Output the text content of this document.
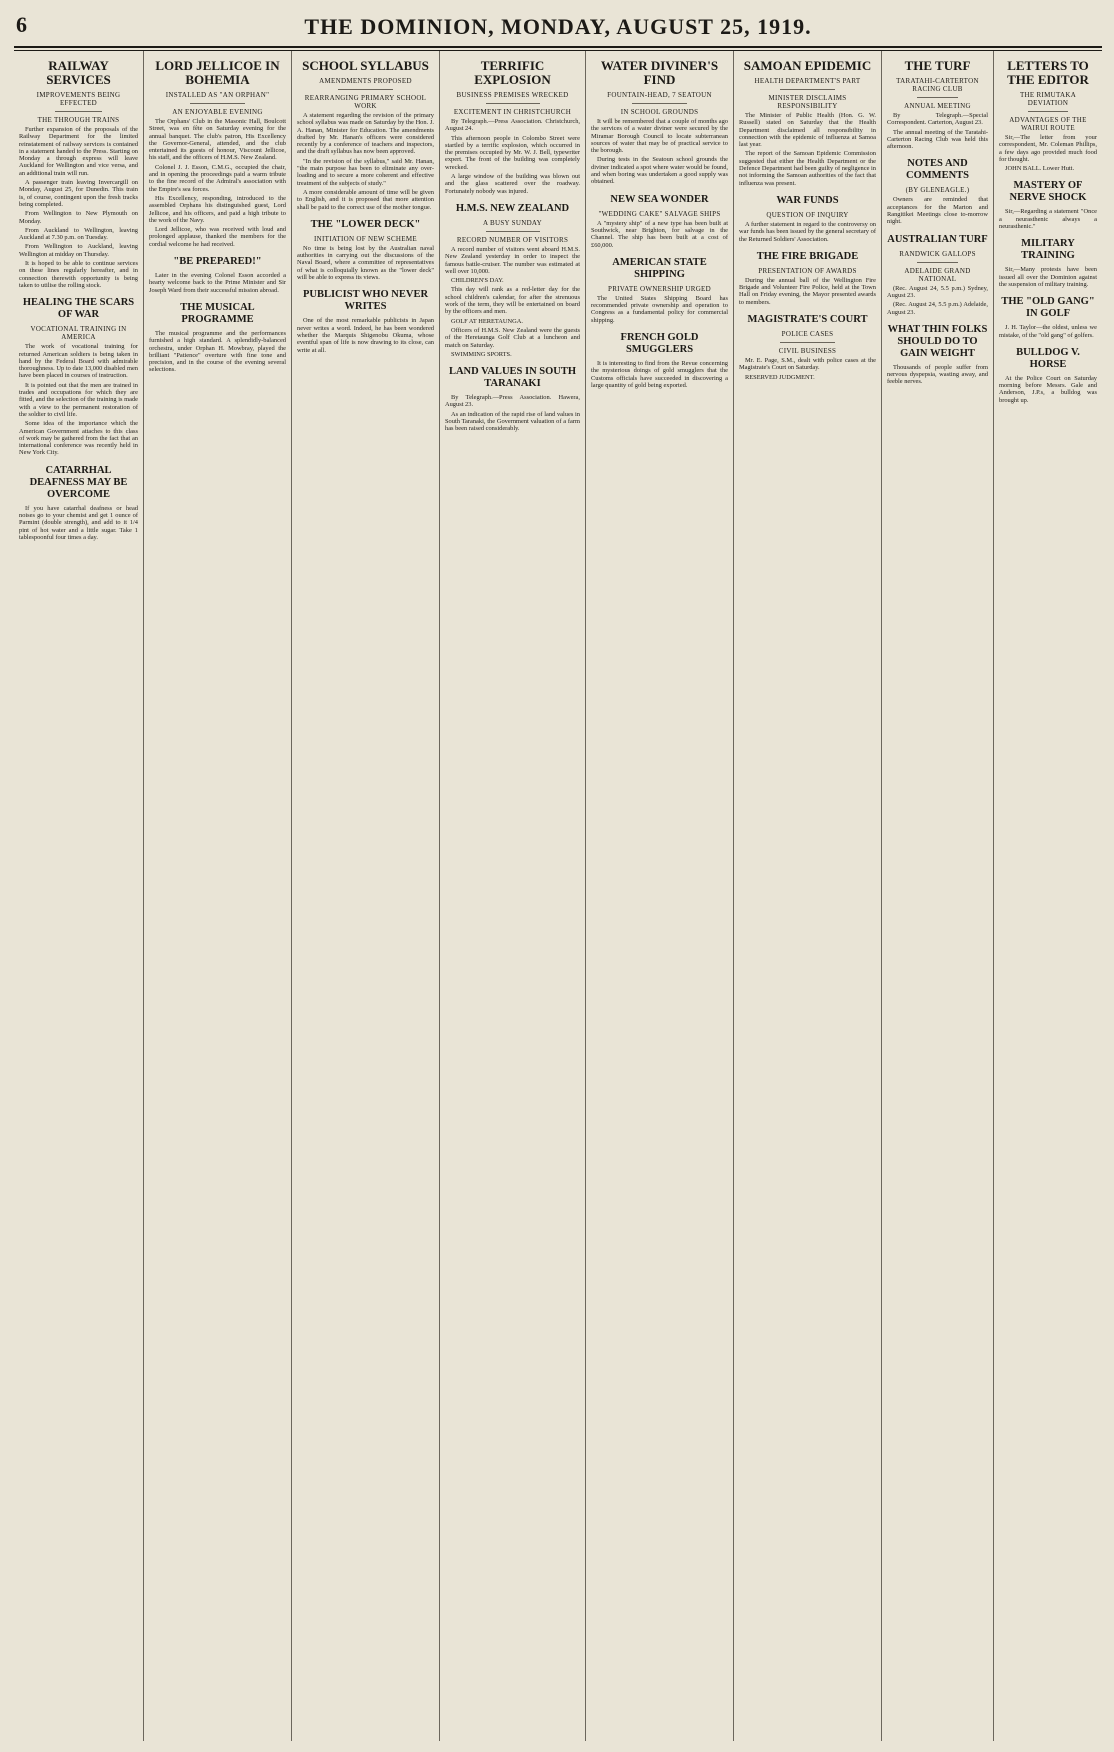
6	THE DOMINION, MONDAY, AUGUST 25, 1919.
RAILWAY SERVICES
IMPROVEMENTS BEING EFFECTED
THE THROUGH TRAINS

Further expansion of the proposals of the Railway Department for the limited reinstatement of railway services is contained in a statement handed to the Press. Starting on Monday a through express will leave Auckland for Wellington and vice versa, and an additional train will run.

A passenger train leaving Invercargill on Monday, August 25, for Dunedin. This train is, of course, contingent upon the fresh tracks being completed.

From Wellington to New Plymouth on Monday.

From Auckland to Wellington, leaving Auckland at 7.30 p.m. on Tuesday.

From Wellington to Auckland, leaving Wellington at midday on Thursday.

It is hoped to be able to continue services on these lines regularly hereafter, and in connection therewith opportunity is being taken to utilise the rolling stock.

HEALING THE SCARS OF WAR
VOCATIONAL TRAINING IN AMERICA

The work of vocational training for returned American soldiers is being taken in hand by the Federal Board with admirable thoroughness. Up to date 13,000 disabled men have been placed in courses of instruction.

It is pointed out that the men are trained in trades and occupations for which they are fitted, and the selection of the training is made with a view to the permanent restoration of the soldier to civil life.

Some idea of the importance which the American Government attaches to this class of work may be gathered from the fact that an international conference was recently held in New York City.

CATARRHAL DEAFNESS MAY BE OVERCOME

If you have catarrhal deafness or head noises go to your chemist and get 1 ounce of Parmint (double strength), and add to it 1/4 pint of hot water and a little sugar. Take 1 tablespoonful four times a day.

LORD JELLICOE IN BOHEMIA
INSTALLED AS "AN ORPHAN"
AN ENJOYABLE EVENING

The Orphans' Club in the Masonic Hall, Boulcott Street, was en fête on Saturday evening for the annual banquet. The club's patron, His Excellency the Governor-General, attended, and the club entertained its guests of honour, Viscount Jellicoe, his staff, and the officers of H.M.S. New Zealand.

Colonel J. J. Esson, C.M.G., occupied the chair, and in opening the proceedings paid a warm tribute to the fine record of the Admiral's association with the Empire's sea forces.

His Excellency, responding, introduced to the assembled Orphans his distinguished guest, Lord Jellicoe, and his officers, and paid a high tribute to the work of the Navy.

Lord Jellicoe, who was received with loud and prolonged applause, thanked the members for the cordial welcome he had received.

"BE PREPARED!"

Later in the evening Colonel Esson accorded a hearty welcome back to the Prime Minister and Sir Joseph Ward from their successful mission abroad.

THE MUSICAL PROGRAMME

The musical programme and the performances furnished a high standard. A splendidly-balanced orchestra, under Orphan H. Mowbray, played the brilliant "Patience" overture with fine tone and precision, and in the course of the evening several selections.

SCHOOL SYLLABUS
AMENDMENTS PROPOSED
REARRANGING PRIMARY SCHOOL WORK

A statement regarding the revision of the primary school syllabus was made on Saturday by the Hon. J. A. Hanan, Minister for Education. The amendments drafted by Mr. Hanan's officers were considered recently by a conference of teachers and inspectors, and the draft syllabus has now been approved.

"In the revision of the syllabus," said Mr. Hanan, "the main purpose has been to eliminate any over-loading and to secure a more coherent and effective treatment of the subjects of study."

A more considerable amount of time will be given to English, and it is proposed that more attention shall be paid to the correct use of the mother tongue.

THE "LOWER DECK"
INITIATION OF NEW SCHEME

No time is being lost by the Australian naval authorities in carrying out the discussions of the Naval Board, where a committee of representatives of what is colloquially known as the "lower deck" will be able to express its views.

PUBLICIST WHO NEVER WRITES

One of the most remarkable publicists in Japan never writes a word. Indeed, he has been wondered whether the Marquis Shigenobu Okuma, whose eventful span of life is now drawing to its close, can write at all.

TERRIFIC EXPLOSION
BUSINESS PREMISES WRECKED
EXCITEMENT IN CHRISTCHURCH

By Telegraph.—Press Association. Christchurch, August 24.

This afternoon people in Colombo Street were startled by a terrific explosion, which occurred in the premises occupied by Mr. W. J. Bell, typewriter expert. The front of the building was completely wrecked.

A large window of the building was blown out and the glass scattered over the roadway. Fortunately nobody was injured.

H.M.S. NEW ZEALAND
A BUSY SUNDAY
RECORD NUMBER OF VISITORS

A record number of visitors went aboard H.M.S. New Zealand yesterday in order to inspect the famous battle-cruiser. The number was estimated at well over 10,000.

CHILDREN'S DAY.

This day will rank as a red-letter day for the school children's calendar, for after the strenuous work of the term, they will be entertained on board by the officers and men.

GOLF AT HERETAUNGA.

Officers of H.M.S. New Zealand were the guests of the Heretaunga Golf Club at a luncheon and match on Saturday.

SWIMMING SPORTS.

LAND VALUES IN SOUTH TARANAKI

By Telegraph.—Press Association. Hawera, August 23.

As an indication of the rapid rise of land values in South Taranaki, the Government valuation of a farm has been raised considerably.

WATER DIVINER'S FIND
FOUNTAIN-HEAD, 7 SEATOUN
IN SCHOOL GROUNDS

It will be remembered that a couple of months ago the services of a water diviner were secured by the Miramar Borough Council to locate subterranean sources of water that may be of practical service to the borough.

During tests in the Seatoun school grounds the diviner indicated a spot where water would be found, and when boring was undertaken a good supply was obtained.

NEW SEA WONDER
"WEDDING CAKE" SALVAGE SHIPS

A "mystery ship" of a new type has been built at Southwick, near Brighton, for salvage in the Channel. The ship has been built at a cost of £60,000.

AMERICAN STATE SHIPPING
PRIVATE OWNERSHIP URGED

The United States Shipping Board has recommended private ownership and operation to Congress as a fundamental policy for commercial shipping.

FRENCH GOLD SMUGGLERS

It is interesting to find from the Revue concerning the mysterious doings of gold smugglers that the Customs officials have succeeded in discovering a large quantity of gold being exported.

SAMOAN EPIDEMIC
HEALTH DEPARTMENT'S PART
MINISTER DISCLAIMS RESPONSIBILITY

The Minister of Public Health (Hon. G. W. Russell) stated on Saturday that the Health Department disclaimed all responsibility in connection with the epidemic of influenza at Samoa last year.

The report of the Samoan Epidemic Commission suggested that either the Health Department or the Defence Department had been guilty of negligence in not informing the Samoan authorities of the fact that influenza was present.

WAR FUNDS
QUESTION OF INQUIRY

A further statement in regard to the controversy on war funds has been issued by the general secretary of the Returned Soldiers' Association.

THE FIRE BRIGADE
PRESENTATION OF AWARDS

During the annual ball of the Wellington Fire Brigade and Volunteer Fire Police, held at the Town Hall on Friday evening, the Mayor presented awards to members.

MAGISTRATE'S COURT
POLICE CASES
CIVIL BUSINESS

Mr. E. Page, S.M., dealt with police cases at the Magistrate's Court on Saturday.

RESERVED JUDGMENT.

THE TURF
TARATAHI-CARTERTON RACING CLUB
ANNUAL MEETING

By Telegraph.—Special Correspondent. Carterton, August 23.

The annual meeting of the Taratahi-Carterton Racing Club was held this afternoon.

NOTES AND COMMENTS
(BY GLENEAGLE.)

Owners are reminded that acceptances for the Marton and Rangitikei Meetings close to-morrow night.

AUSTRALIAN TURF
RANDWICK GALLOPS
ADELAIDE GRAND NATIONAL

(Rec. August 24, 5.5 p.m.) Sydney, August 23.

(Rec. August 24, 5.5 p.m.) Adelaide, August 23.

WHAT THIN FOLKS SHOULD DO TO GAIN WEIGHT

Thousands of people suffer from nervous dyspepsia, wasting away, and feeble nerves.

LETTERS TO THE EDITOR
THE RIMUTAKA DEVIATION
ADVANTAGES OF THE WAIRUI ROUTE

Sir,—The letter from your correspondent, Mr. Coleman Phillips, a few days ago provided much food for thought.

JOHN BALL. Lower Hutt.

MASTERY OF NERVE SHOCK

Sir,—Regarding a statement "Once a neurasthenic always a neurasthenic."

MILITARY TRAINING

Sir,—Many protests have been issued all over the Dominion against the suspension of military training.

THE "OLD GANG" IN GOLF

J. H. Taylor—the oldest, unless we mistake, of the "old gang" of golfers.

BULLDOG V. HORSE

At the Police Court on Saturday morning before Messrs. Gale and Anderson, J.P.s, a bulldog was brought up.
